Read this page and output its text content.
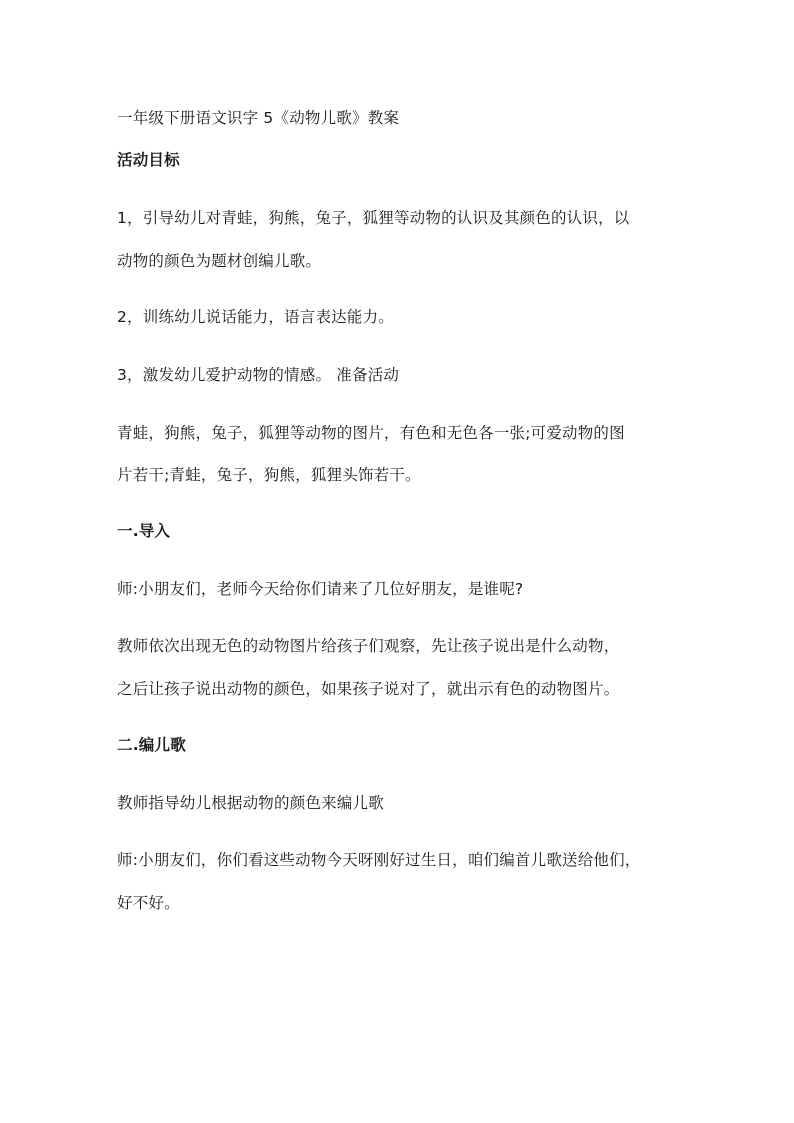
一年级下册语文识字 5《动物儿歌》教案
活动目标
1，引导幼儿对青蛙，狗熊，兔子，狐狸等动物的认识及其颜色的认识，以
动物的颜色为题材创编儿歌。
2，训练幼儿说话能力，语言表达能力。
3，激发幼儿爱护动物的情感。 准备活动
青蛙，狗熊，兔子，狐狸等动物的图片，有色和无色各一张;可爱动物的图
片若干;青蛙，兔子，狗熊，狐狸头饰若干。
一.导入
师:小朋友们，老师今天给你们请来了几位好朋友，是谁呢?
教师依次出现无色的动物图片给孩子们观察，先让孩子说出是什么动物，
之后让孩子说出动物的颜色，如果孩子说对了，就出示有色的动物图片。
二.编儿歌
教师指导幼儿根据动物的颜色来编儿歌
师:小朋友们，你们看这些动物今天呀刚好过生日，咱们编首儿歌送给他们，
好不好。
